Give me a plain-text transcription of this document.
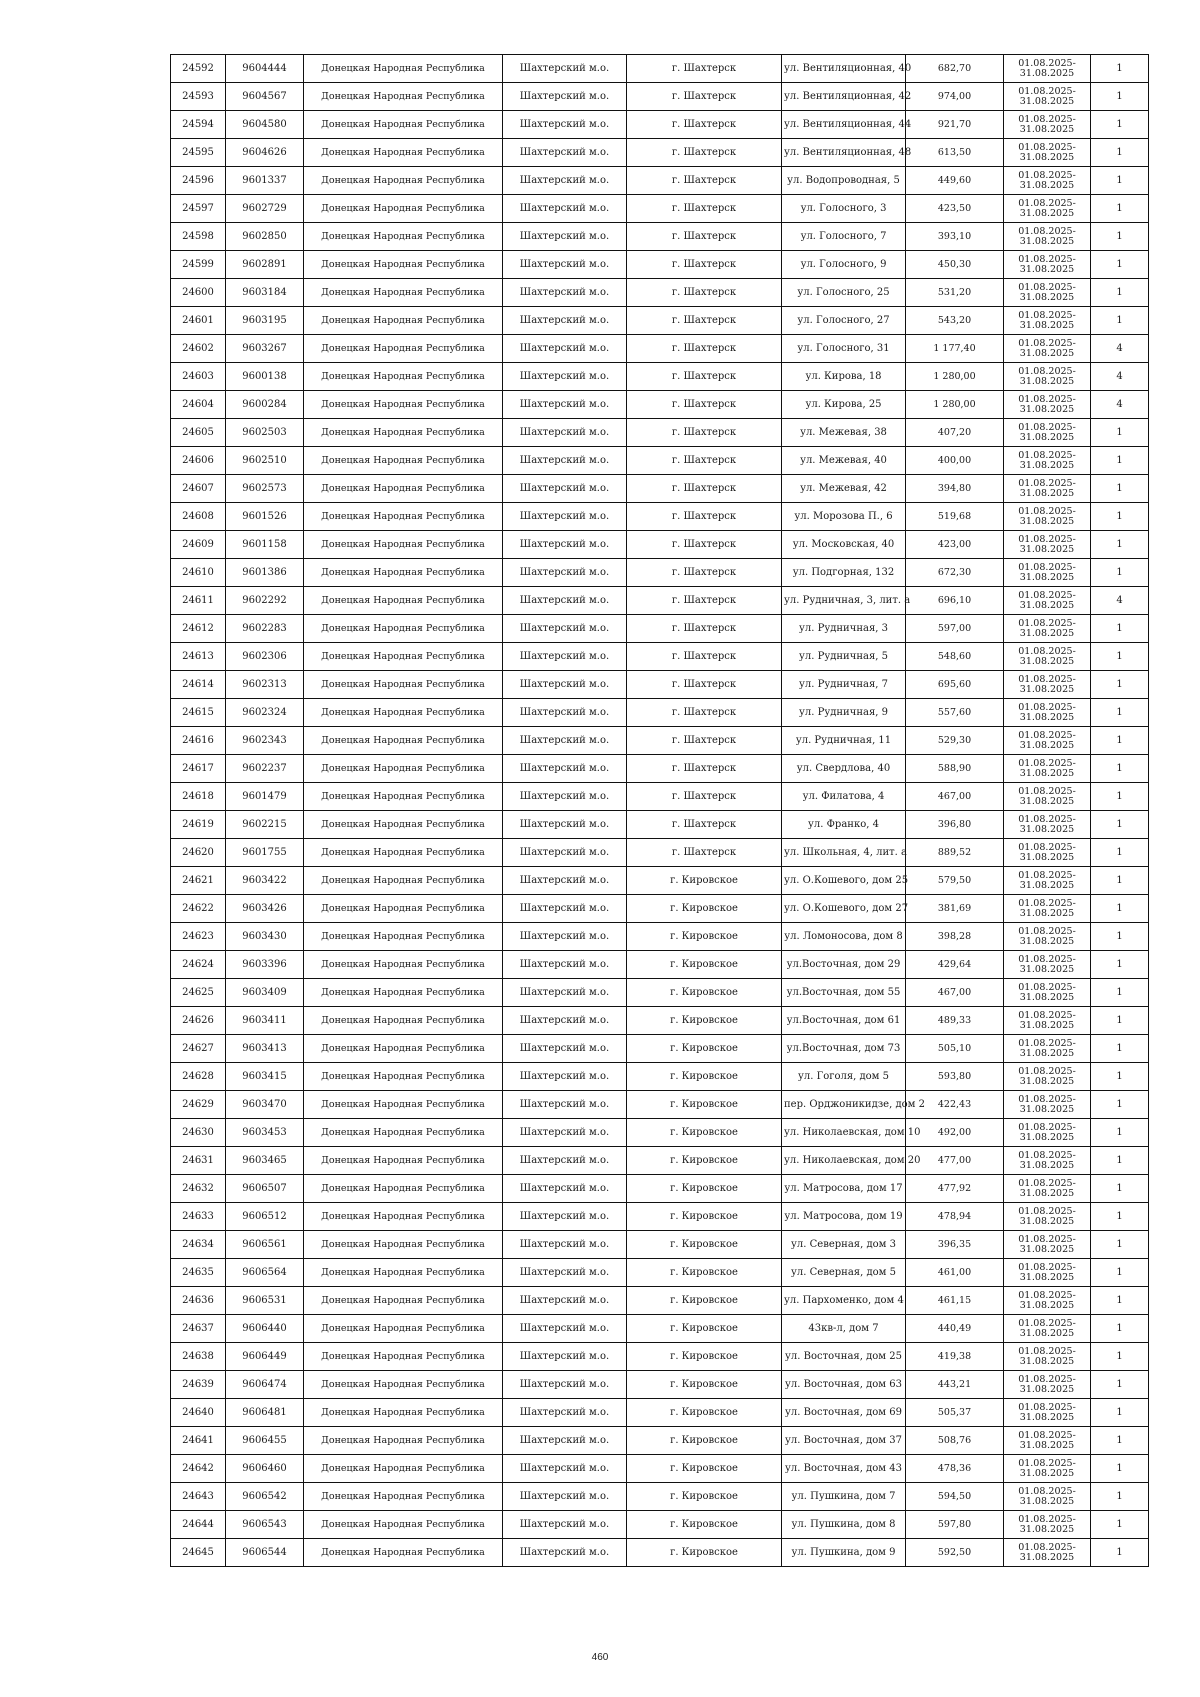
24592	9604444	Донецкая Народная Республика	Шахтерский м.о.	г. Шахтерск	ул. Вентиляционная, 40	682,70	01.08.2025-31.08.2025	1
24593	9604567	Донецкая Народная Республика	Шахтерский м.о.	г. Шахтерск	ул. Вентиляционная, 42	974,00	01.08.2025-31.08.2025	1
24594	9604580	Донецкая Народная Республика	Шахтерский м.о.	г. Шахтерск	ул. Вентиляционная, 44	921,70	01.08.2025-31.08.2025	1
24595	9604626	Донецкая Народная Республика	Шахтерский м.о.	г. Шахтерск	ул. Вентиляционная, 48	613,50	01.08.2025-31.08.2025	1
24596	9601337	Донецкая Народная Республика	Шахтерский м.о.	г. Шахтерск	ул. Водопроводная, 5	449,60	01.08.2025-31.08.2025	1
24597	9602729	Донецкая Народная Республика	Шахтерский м.о.	г. Шахтерск	ул. Голосного, 3	423,50	01.08.2025-31.08.2025	1
24598	9602850	Донецкая Народная Республика	Шахтерский м.о.	г. Шахтерск	ул. Голосного, 7	393,10	01.08.2025-31.08.2025	1
24599	9602891	Донецкая Народная Республика	Шахтерский м.о.	г. Шахтерск	ул. Голосного, 9	450,30	01.08.2025-31.08.2025	1
24600	9603184	Донецкая Народная Республика	Шахтерский м.о.	г. Шахтерск	ул. Голосного, 25	531,20	01.08.2025-31.08.2025	1
24601	9603195	Донецкая Народная Республика	Шахтерский м.о.	г. Шахтерск	ул. Голосного, 27	543,20	01.08.2025-31.08.2025	1
24602	9603267	Донецкая Народная Республика	Шахтерский м.о.	г. Шахтерск	ул. Голосного, 31	1 177,40	01.08.2025-31.08.2025	4
24603	9600138	Донецкая Народная Республика	Шахтерский м.о.	г. Шахтерск	ул. Кирова, 18	1 280,00	01.08.2025-31.08.2025	4
24604	9600284	Донецкая Народная Республика	Шахтерский м.о.	г. Шахтерск	ул. Кирова, 25	1 280,00	01.08.2025-31.08.2025	4
24605	9602503	Донецкая Народная Республика	Шахтерский м.о.	г. Шахтерск	ул. Межевая, 38	407,20	01.08.2025-31.08.2025	1
24606	9602510	Донецкая Народная Республика	Шахтерский м.о.	г. Шахтерск	ул. Межевая, 40	400,00	01.08.2025-31.08.2025	1
24607	9602573	Донецкая Народная Республика	Шахтерский м.о.	г. Шахтерск	ул. Межевая, 42	394,80	01.08.2025-31.08.2025	1
24608	9601526	Донецкая Народная Республика	Шахтерский м.о.	г. Шахтерск	ул. Морозова П., 6	519,68	01.08.2025-31.08.2025	1
24609	9601158	Донецкая Народная Республика	Шахтерский м.о.	г. Шахтерск	ул. Московская, 40	423,00	01.08.2025-31.08.2025	1
24610	9601386	Донецкая Народная Республика	Шахтерский м.о.	г. Шахтерск	ул. Подгорная, 132	672,30	01.08.2025-31.08.2025	1
24611	9602292	Донецкая Народная Республика	Шахтерский м.о.	г. Шахтерск	ул. Рудничная, 3, лит. а	696,10	01.08.2025-31.08.2025	4
24612	9602283	Донецкая Народная Республика	Шахтерский м.о.	г. Шахтерск	ул. Рудничная, 3	597,00	01.08.2025-31.08.2025	1
24613	9602306	Донецкая Народная Республика	Шахтерский м.о.	г. Шахтерск	ул. Рудничная, 5	548,60	01.08.2025-31.08.2025	1
24614	9602313	Донецкая Народная Республика	Шахтерский м.о.	г. Шахтерск	ул. Рудничная, 7	695,60	01.08.2025-31.08.2025	1
24615	9602324	Донецкая Народная Республика	Шахтерский м.о.	г. Шахтерск	ул. Рудничная, 9	557,60	01.08.2025-31.08.2025	1
24616	9602343	Донецкая Народная Республика	Шахтерский м.о.	г. Шахтерск	ул. Рудничная, 11	529,30	01.08.2025-31.08.2025	1
24617	9602237	Донецкая Народная Республика	Шахтерский м.о.	г. Шахтерск	ул. Свердлова, 40	588,90	01.08.2025-31.08.2025	1
24618	9601479	Донецкая Народная Республика	Шахтерский м.о.	г. Шахтерск	ул. Филатова, 4	467,00	01.08.2025-31.08.2025	1
24619	9602215	Донецкая Народная Республика	Шахтерский м.о.	г. Шахтерск	ул. Франко, 4	396,80	01.08.2025-31.08.2025	1
24620	9601755	Донецкая Народная Республика	Шахтерский м.о.	г. Шахтерск	ул. Школьная, 4, лит. а	889,52	01.08.2025-31.08.2025	1
24621	9603422	Донецкая Народная Республика	Шахтерский м.о.	г. Кировское	ул. О.Кошевого, дом 25	579,50	01.08.2025-31.08.2025	1
24622	9603426	Донецкая Народная Республика	Шахтерский м.о.	г. Кировское	ул. О.Кошевого, дом 27	381,69	01.08.2025-31.08.2025	1
24623	9603430	Донецкая Народная Республика	Шахтерский м.о.	г. Кировское	ул. Ломоносова, дом 8	398,28	01.08.2025-31.08.2025	1
24624	9603396	Донецкая Народная Республика	Шахтерский м.о.	г. Кировское	ул.Восточная, дом 29	429,64	01.08.2025-31.08.2025	1
24625	9603409	Донецкая Народная Республика	Шахтерский м.о.	г. Кировское	ул.Восточная, дом 55	467,00	01.08.2025-31.08.2025	1
24626	9603411	Донецкая Народная Республика	Шахтерский м.о.	г. Кировское	ул.Восточная, дом 61	489,33	01.08.2025-31.08.2025	1
24627	9603413	Донецкая Народная Республика	Шахтерский м.о.	г. Кировское	ул.Восточная, дом 73	505,10	01.08.2025-31.08.2025	1
24628	9603415	Донецкая Народная Республика	Шахтерский м.о.	г. Кировское	ул. Гоголя, дом 5	593,80	01.08.2025-31.08.2025	1
24629	9603470	Донецкая Народная Республика	Шахтерский м.о.	г. Кировское	пер. Орджоникидзе, дом 2	422,43	01.08.2025-31.08.2025	1
24630	9603453	Донецкая Народная Республика	Шахтерский м.о.	г. Кировское	ул. Николаевская, дом 10	492,00	01.08.2025-31.08.2025	1
24631	9603465	Донецкая Народная Республика	Шахтерский м.о.	г. Кировское	ул. Николаевская, дом 20	477,00	01.08.2025-31.08.2025	1
24632	9606507	Донецкая Народная Республика	Шахтерский м.о.	г. Кировское	ул. Матросова, дом 17	477,92	01.08.2025-31.08.2025	1
24633	9606512	Донецкая Народная Республика	Шахтерский м.о.	г. Кировское	ул. Матросова, дом 19	478,94	01.08.2025-31.08.2025	1
24634	9606561	Донецкая Народная Республика	Шахтерский м.о.	г. Кировское	ул. Северная, дом 3	396,35	01.08.2025-31.08.2025	1
24635	9606564	Донецкая Народная Республика	Шахтерский м.о.	г. Кировское	ул. Северная, дом 5	461,00	01.08.2025-31.08.2025	1
24636	9606531	Донецкая Народная Республика	Шахтерский м.о.	г. Кировское	ул. Пархоменко, дом 4	461,15	01.08.2025-31.08.2025	1
24637	9606440	Донецкая Народная Республика	Шахтерский м.о.	г. Кировское	43кв-л, дом 7	440,49	01.08.2025-31.08.2025	1
24638	9606449	Донецкая Народная Республика	Шахтерский м.о.	г. Кировское	ул. Восточная, дом 25	419,38	01.08.2025-31.08.2025	1
24639	9606474	Донецкая Народная Республика	Шахтерский м.о.	г. Кировское	ул. Восточная, дом 63	443,21	01.08.2025-31.08.2025	1
24640	9606481	Донецкая Народная Республика	Шахтерский м.о.	г. Кировское	ул. Восточная, дом 69	505,37	01.08.2025-31.08.2025	1
24641	9606455	Донецкая Народная Республика	Шахтерский м.о.	г. Кировское	ул. Восточная, дом 37	508,76	01.08.2025-31.08.2025	1
24642	9606460	Донецкая Народная Республика	Шахтерский м.о.	г. Кировское	ул. Восточная, дом 43	478,36	01.08.2025-31.08.2025	1
24643	9606542	Донецкая Народная Республика	Шахтерский м.о.	г. Кировское	ул. Пушкина, дом 7	594,50	01.08.2025-31.08.2025	1
24644	9606543	Донецкая Народная Республика	Шахтерский м.о.	г. Кировское	ул. Пушкина, дом 8	597,80	01.08.2025-31.08.2025	1
24645	9606544	Донецкая Народная Республика	Шахтерский м.о.	г. Кировское	ул. Пушкина, дом 9	592,50	01.08.2025-31.08.2025	1
460
